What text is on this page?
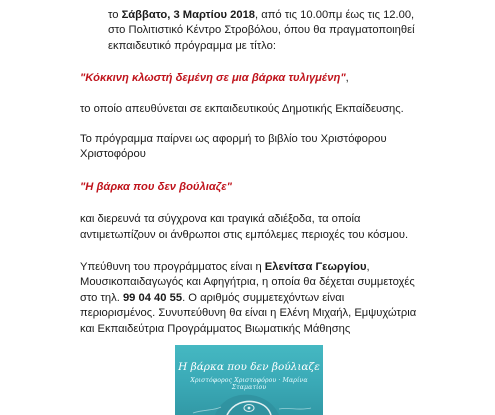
το Σάββατο, 3 Μαρτίου 2018, από τις 10.00πμ έως τις 12.00,

στο Πολιτιστικό Κέντρο Στροβόλου, όπου θα πραγματοποιηθεί

εκπαιδευτικό πρόγραμμα με τίτλο:

"Κόκκινη κλωστή δεμένη σε μια βάρκα τυλιγμένη",

το οποίο απευθύνεται σε εκπαιδευτικούς Δημοτικής Εκπαίδευσης.

Το πρόγραμμα παίρνει ως αφορμή το βιβλίο του Χριστόφορου

Χριστοφόρου

"Η βάρκα που δεν βούλιαζε"

και διερευνά τα σύγχρονα και τραγικά αδιέξοδα, τα οποία

αντιμετωπίζουν οι άνθρωποι στις εμπόλεμες περιοχές του κόσμου.

Υπεύθυνη του προγράμματος είναι η Ελενίτσα Γεωργίου,

Μουσικοπαιδαγωγός και Αφηγήτρια, η οποία θα δέχεται συμμετοχές

στο τηλ. 99 04 40 55. Ο αριθμός συμμετεχόντων είναι

περιορισμένος. Συνυπεύθυνη θα είναι η Ελένη Μιχαήλ, Εμψυχώτρια

και Εκπαιδεύτρια Προγράμματος Βιωματικής Μάθησης

Η βάρκα που δεν βούλιαζε
Χριστόφορος Χριστοφόρου · Μαρίνα Σταματίου
